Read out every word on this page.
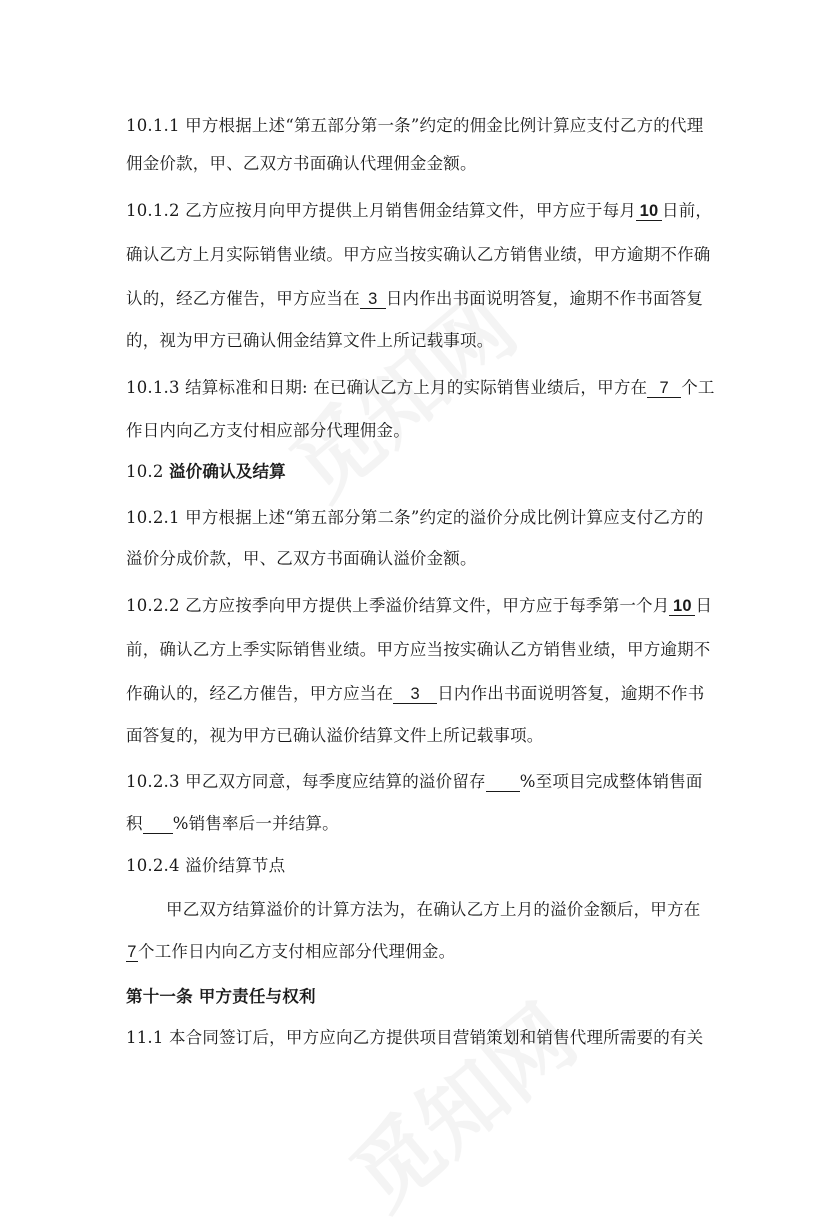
10.1.1 甲方根据上述“第五部分第一条”约定的佣金比例计算应支付乙方的代理
佣金价款，甲、乙双方书面确认代理佣金金额。
10.1.2 乙方应按月向甲方提供上月销售佣金结算文件，甲方应于每月 10 日前，
确认乙方上月实际销售业绩。甲方应当按实确认乙方销售业绩，甲方逾期不作确
认的，经乙方催告，甲方应当在 3 日内作出书面说明答复，逾期不作书面答复
的，视为甲方已确认佣金结算文件上所记载事项。
10.1.3 结算标准和日期: 在已确认乙方上月的实际销售业绩后，甲方在 7 个工
作日内向乙方支付相应部分代理佣金。
10.2 溢价确认及结算
10.2.1 甲方根据上述“第五部分第二条”约定的溢价分成比例计算应支付乙方的
溢价分成价款，甲、乙双方书面确认溢价金额。
10.2.2 乙方应按季向甲方提供上季溢价结算文件，甲方应于每季第一个月 10 日
前，确认乙方上季实际销售业绩。甲方应当按实确认乙方销售业绩，甲方逾期不
作确认的，经乙方催告，甲方应当在 3 日内作出书面说明答复，逾期不作书
面答复的，视为甲方已确认溢价结算文件上所记载事项。
10.2.3 甲乙双方同意，每季度应结算的溢价留存 %至项目完成整体销售面
积 %销售率后一并结算。
10.2.4 溢价结算节点
甲乙双方结算溢价的计算方法为，在确认乙方上月的溢价金额后，甲方在
7个工作日内向乙方支付相应部分代理佣金。
第十一条 甲方责任与权利
11.1 本合同签订后，甲方应向乙方提供项目营销策划和销售代理所需要的有关
